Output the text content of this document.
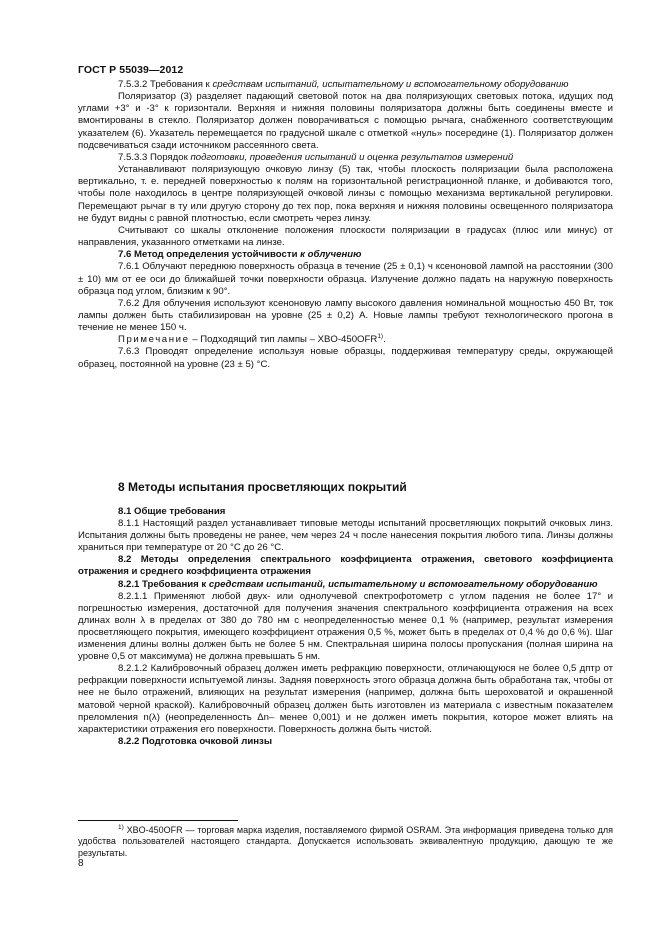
ГОСТ Р 55039—2012

7.5.3.2 Требования к средствам испытаний, испытательному и вспомогательному оборудованию

Поляризатор (3) разделяет падающий световой поток на два поляризующих световых потока, идущих под углами +3° и -3° к горизонтали. Верхняя и нижняя половины поляризатора должны быть соединены вместе и вмонтированы в стекло. Поляризатор должен поворачиваться с помощью рычага, снабженного соответствующим указателем (6). Указатель перемещается по градусной шкале с отметкой «нуль» посередине (1). Поляризатор должен подсвечиваться сзади источником рассеянного света.

7.5.3.3 Порядок подготовки, проведения испытаний и оценка результатов измерений

Устанавливают поляризующую очковую линзу (5) так, чтобы плоскость поляризации была расположена вертикально, т. е. передней поверхностью к полям на горизонтальной регистрационной планке, и добиваются того, чтобы поле находилось в центре поляризующей очковой линзы с помощью механизма вертикальной регулировки. Перемещают рычаг в ту или другую сторону до тех пор, пока верхняя и нижняя половины освещенного поляризатора не будут видны с равной плотностью, если смотреть через линзу.

Считывают со шкалы отклонение положения плоскости поляризации в градусах (плюс или минус) от направления, указанного отметками на линзе.

7.6 Метод определения устойчивости к облучению

7.6.1 Облучают переднюю поверхность образца в течение (25 ± 0,1) ч ксеноновой лампой на расстоянии (300 ± 10) мм от ее оси до ближайшей точки поверхности образца. Излучение должно падать на наружную поверхность образца под углом, близким к 90°.

7.6.2 Для облучения используют ксеноновую лампу высокого давления номинальной мощностью 450 Вт, ток лампы должен быть стабилизирован на уровне (25 ± 0,2) А. Новые лампы требуют технологического прогона в течение не менее 150 ч.

Примечание – Подходящий тип лампы – XBO-450OFR$^{1)}$.

7.6.3 Проводят определение используя новые образцы, поддерживая температуру среды, окружающей образец, постоянной на уровне (23 ± 5) °С.

8 Методы испытания просветляющих покрытий

8.1 Общие требования

8.1.1 Настоящий раздел устанавливает типовые методы испытаний просветляющих покрытий очковых линз. Испытания должны быть проведены не ранее, чем через 24 ч после нанесения покрытия любого типа. Линзы должны храниться при температуре от 20 °С до 26 °С.

8.2 Методы определения спектрального коэффициента отражения, светового коэффициента отражения и среднего коэффициента отражения

8.2.1 Требования к средствам испытаний, испытательному и вспомогательному оборудованию

8.2.1.1 Применяют любой двух- или однолучевой спектрофотометр с углом падения не более 17° и погрешностью измерения, достаточной для получения значения спектрального коэффициента отражения на всех длинах волн λ в пределах от 380 до 780 нм с неопределенностью менее 0,1 % (например, результат измерения просветляющего покрытия, имеющего коэффициент отражения 0,5 %, может быть в пределах от 0,4 % до 0,6 %). Шаг изменения длины волны должен быть не более 5 нм. Спектральная ширина полосы пропускания (полная ширина на уровне 0,5 от максимума) не должна превышать 5 нм.

8.2.1.2 Калибровочный образец должен иметь рефракцию поверхности, отличающуюся не более 0,5 дптр от рефракции поверхности испытуемой линзы. Задняя поверхность этого образца должна быть обработана так, чтобы от нее не было отражений, влияющих на результат измерения (например, должна быть шероховатой и окрашенной матовой черной краской). Калибровочный образец должен быть изготовлен из материала с известным показателем преломления n(λ) (неопределенность Δn– менее 0,001) и не должен иметь покрытия, которое может влиять на характеристики отражения его поверхности. Поверхность должна быть чистой.

8.2.2 Подготовка очковой линзы

$^{1)}$ XBO-450OFR — торговая марка изделия, поставляемого фирмой OSRAM. Эта информация приведена только для удобства пользователей настоящего стандарта. Допускается использовать эквивалентную продукцию, дающую те же результаты.

8
